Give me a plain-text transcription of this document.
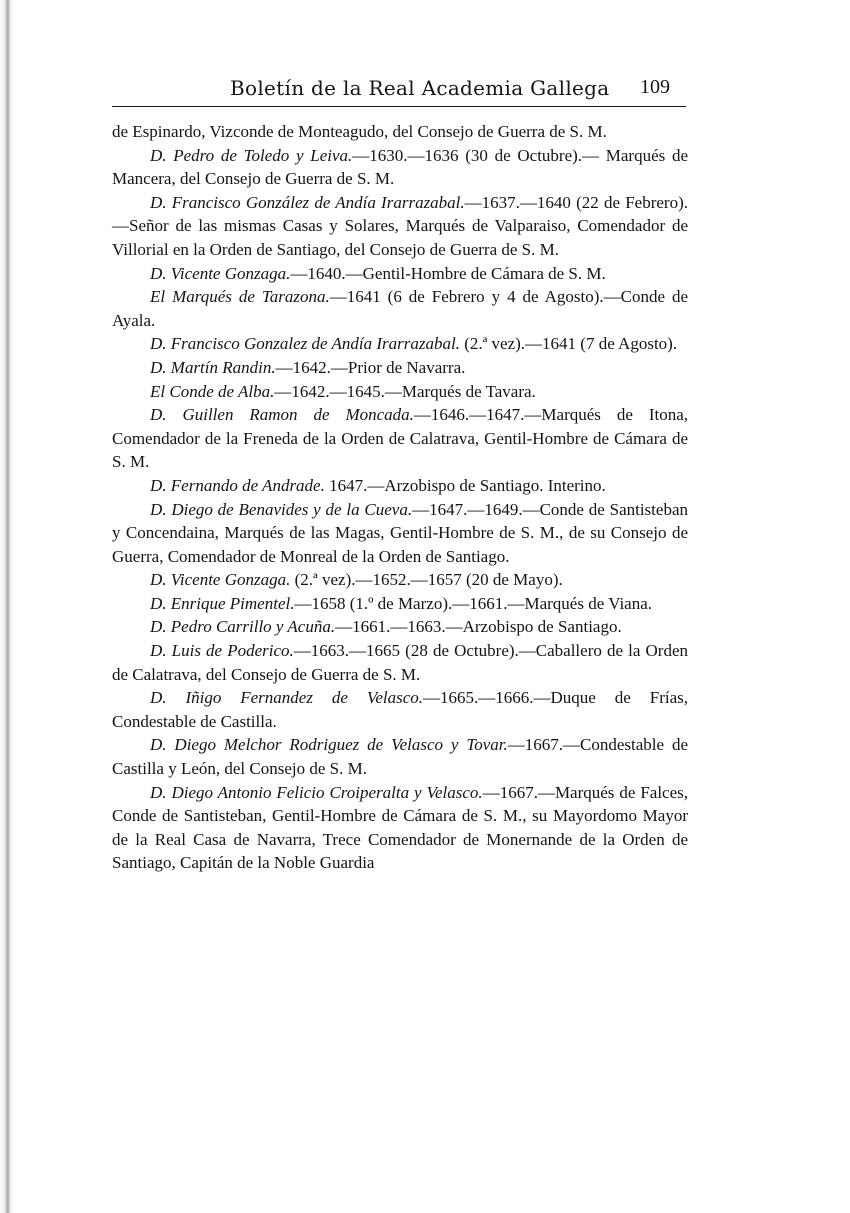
Boletín de la Real Academia Gallega 109

de Espinardo, Vizconde de Monteagudo, del Consejo de Guerra de S. M.

D. Pedro de Toledo y Leiva.—1630.—1636 (30 de Octubre).— Marqués de Mancera, del Consejo de Guerra de S. M.

D. Francisco González de Andía Irarrazabal.—1637.—1640 (22 de Febrero).—Señor de las mismas Casas y Solares, Marqués de Valparaiso, Comendador de Villorial en la Orden de Santiago, del Consejo de Guerra de S. M.

D. Vicente Gonzaga.—1640.—Gentil-Hombre de Cámara de S. M.

El Marqués de Tarazona.—1641 (6 de Febrero y 4 de Agosto).—Conde de Ayala.

D. Francisco Gonzalez de Andía Irarrazabal. (2.ª vez).—1641 (7 de Agosto).

D. Martín Randin.—1642.—Prior de Navarra.

El Conde de Alba.—1642.—1645.—Marqués de Tavara.

D. Guillen Ramon de Moncada.—1646.—1647.—Marqués de Itona, Comendador de la Freneda de la Orden de Calatrava, Gentil-Hombre de Cámara de S. M.

D. Fernando de Andrade. 1647.—Arzobispo de Santiago. Interino.

D. Diego de Benavides y de la Cueva.—1647.—1649.—Conde de Santisteban y Concendaina, Marqués de las Magas, Gentil-Hombre de S. M., de su Consejo de Guerra, Comendador de Monreal de la Orden de Santiago.

D. Vicente Gonzaga. (2.ª vez).—1652.—1657 (20 de Mayo).

D. Enrique Pimentel.—1658 (1.º de Marzo).—1661.—Marqués de Viana.

D. Pedro Carrillo y Acuña.—1661.—1663.—Arzobispo de Santiago.

D. Luis de Poderico.—1663.—1665 (28 de Octubre).—Caballero de la Orden de Calatrava, del Consejo de Guerra de S. M.

D. Iñigo Fernandez de Velasco.—1665.—1666.—Duque de Frías, Condestable de Castilla.

D. Diego Melchor Rodriguez de Velasco y Tovar.—1667.—Condestable de Castilla y León, del Consejo de S. M.

D. Diego Antonio Felicio Croiperalta y Velasco.—1667.—Marqués de Falces, Conde de Santisteban, Gentil-Hombre de Cámara de S. M., su Mayordomo Mayor de la Real Casa de Navarra, Trece Comendador de Monernande de la Orden de Santiago, Capitán de la Noble Guardia
